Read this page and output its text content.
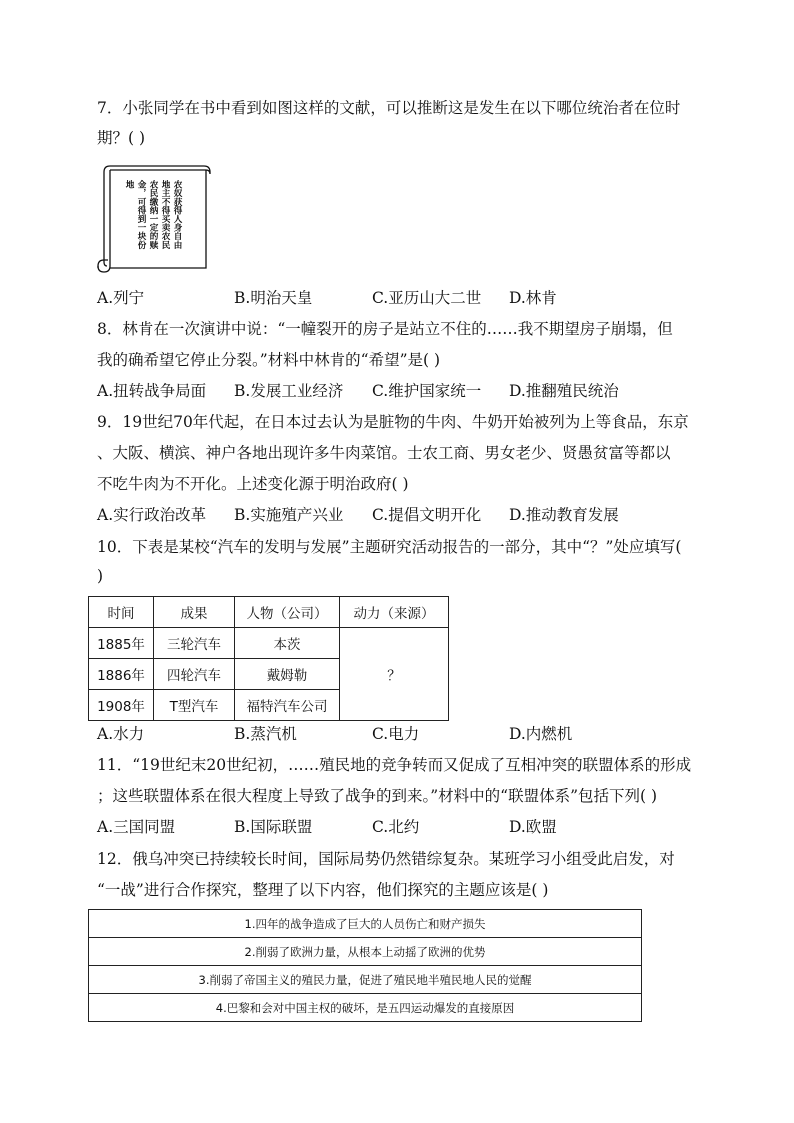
7．小张同学在书中看到如图这样的文献，可以推断这是发生在以下哪位统治者在位时
期？( )
农奴获得人身自由
地主不得买卖农民
农民缴纳一定的赎
金，可得到一块份
地
A.列宁	B.明治天皇	C.亚历山大二世 D.林肯
8．林肯在一次演讲中说：“一幢裂开的房子是站立不住的……我不期望房子崩塌，但
我的确希望它停止分裂。”材料中林肯的“希望”是( )
A.扭转战争局面 B.发展工业经济 C.维护国家统一 D.推翻殖民统治
9．19世纪70年代起，在日本过去认为是脏物的牛肉、牛奶开始被列为上等食品，东京
、大阪、横滨、神户各地出现许多牛肉菜馆。士农工商、男女老少、贤愚贫富等都以
不吃牛肉为不开化。上述变化源于明治政府( )
A.实行政治改革 B.实施殖产兴业 C.提倡文明开化 D.推动教育发展
10．下表是某校“汽车的发明与发展”主题研究活动报告的一部分，其中“？”处应填写(
)
时间	成果	人物（公司）	动力（来源）
1885年	三轮汽车	本茨	？
1886年	四轮汽车	戴姆勒	
1908年	T型汽车	福特汽车公司	
A.水力	B.蒸汽机	C.电力	D.内燃机
11．“19世纪末20世纪初，……殖民地的竞争转而又促成了互相冲突的联盟体系的形成
；这些联盟体系在很大程度上导致了战争的到来。”材料中的“联盟体系”包括下列( )
A.三国同盟	B.国际联盟	C.北约	D.欧盟
12．俄乌冲突已持续较长时间，国际局势仍然错综复杂。某班学习小组受此启发，对
“一战”进行合作探究，整理了以下内容，他们探究的主题应该是( )
1.四年的战争造成了巨大的人员伤亡和财产损失
2.削弱了欧洲力量，从根本上动摇了欧洲的优势
3.削弱了帝国主义的殖民力量，促进了殖民地半殖民地人民的觉醒
4.巴黎和会对中国主权的破坏，是五四运动爆发的直接原因
